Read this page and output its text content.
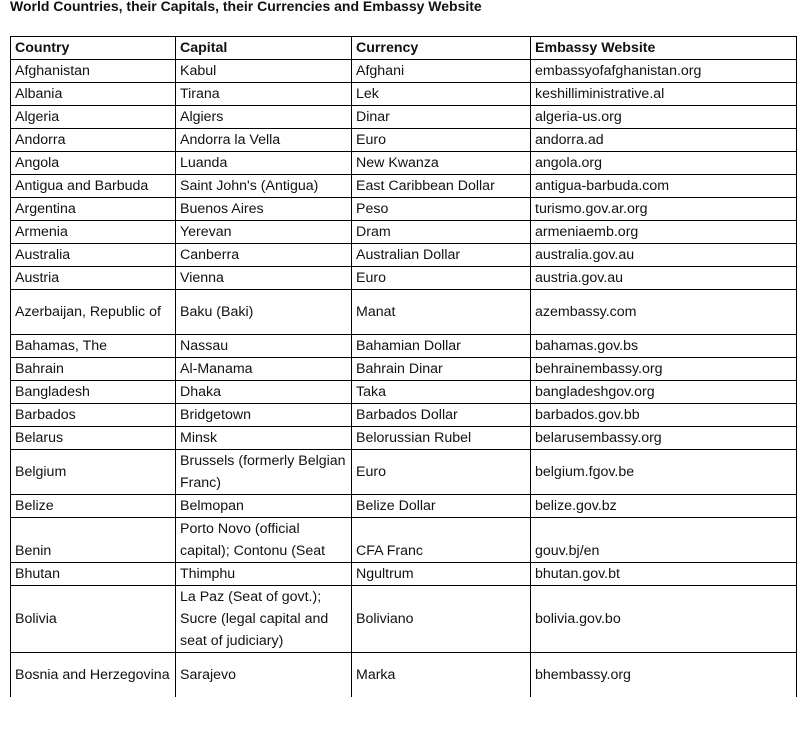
World Countries, their Capitals, their Currencies and Embassy Website
Country	Capital	Currency	Embassy Website
Afghanistan	Kabul	Afghani	embassyofafghanistan.org
Albania	Tirana	Lek	keshilliministrative.al
Algeria	Algiers	Dinar	algeria-us.org
Andorra	Andorra la Vella	Euro	andorra.ad
Angola	Luanda	New Kwanza	angola.org
Antigua and Barbuda	Saint John's (Antigua)	East Caribbean Dollar	antigua-barbuda.com
Argentina	Buenos Aires	Peso	turismo.gov.ar.org
Armenia	Yerevan	Dram	armeniaemb.org
Australia	Canberra	Australian Dollar	australia.gov.au
Austria	Vienna	Euro	austria.gov.au
Azerbaijan, Republic of	Baku (Baki)	Manat	azembassy.com
Bahamas, The	Nassau	Bahamian Dollar	bahamas.gov.bs
Bahrain	Al-Manama	Bahrain Dinar	behrainembassy.org
Bangladesh	Dhaka	Taka	bangladeshgov.org
Barbados	Bridgetown	Barbados Dollar	barbados.gov.bb
Belarus	Minsk	Belorussian Rubel	belarusembassy.org
Belgium	Brussels (formerly Belgian Franc)	Euro	belgium.fgov.be
Belize	Belmopan	Belize Dollar	belize.gov.bz
Benin	Porto Novo (official capital); Contonu (Seat	CFA Franc	gouv.bj/en
Bhutan	Thimphu	Ngultrum	bhutan.gov.bt
Bolivia	La Paz (Seat of govt.); Sucre (legal capital and seat of judiciary)	Boliviano	bolivia.gov.bo
Bosnia and Herzegovina	Sarajevo	Marka	bhembassy.org
